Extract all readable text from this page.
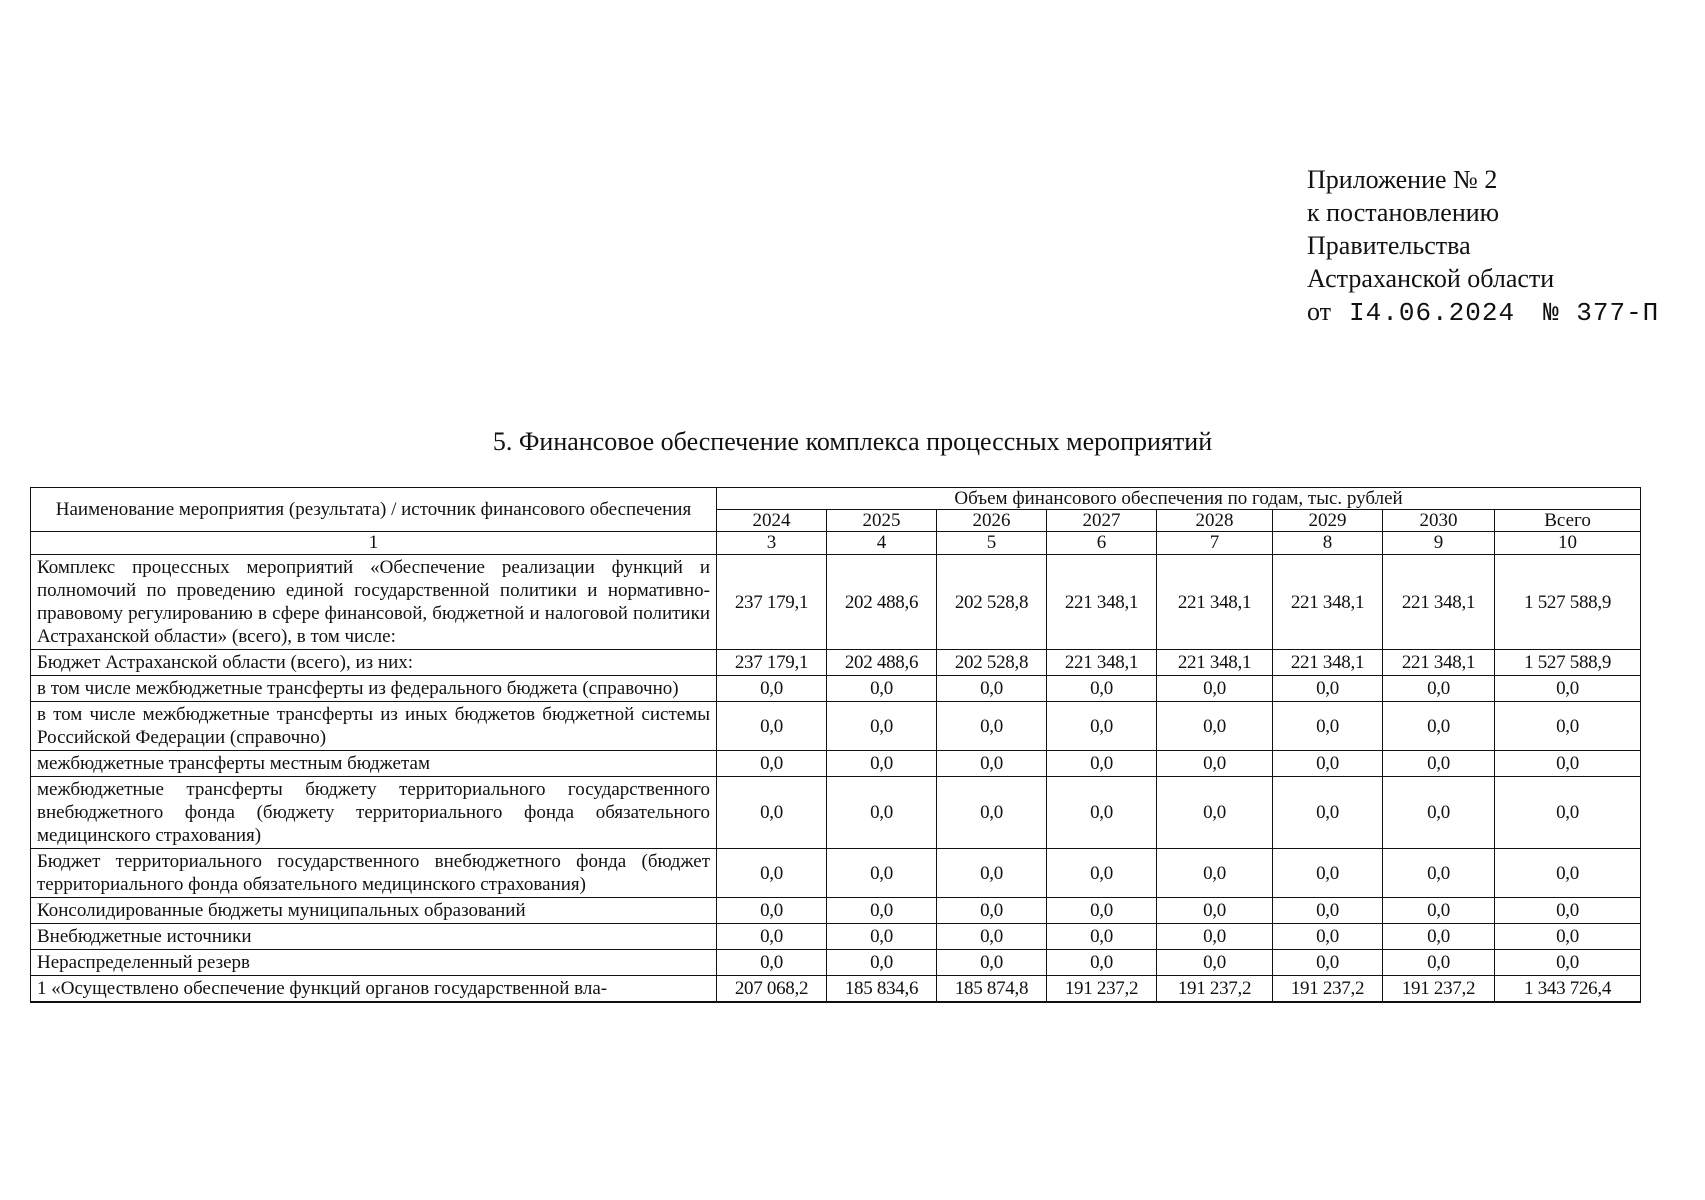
Приложение № 2
к постановлению
Правительства
Астраханской области
от I4.06.2024 № 377-П
5. Финансовое обеспечение комплекса процессных мероприятий
Наименование мероприятия (результата) / источник финансового обеспечения	Объем финансового обеспечения по годам, тыс. рублей							
	2024	2025	2026	2027	2028	2029	2030	Всего
1	3	4	5	6	7	8	9	10
Комплекс процессных мероприятий «Обеспечение реализации функций и полномочий по проведению единой государственной политики и нормативно-правовому регулированию в сфере финансовой, бюджетной и налоговой политики Астраханской области» (всего), в том числе:	237 179,1	202 488,6	202 528,8	221 348,1	221 348,1	221 348,1	221 348,1	1 527 588,9
Бюджет Астраханской области (всего), из них:	237 179,1	202 488,6	202 528,8	221 348,1	221 348,1	221 348,1	221 348,1	1 527 588,9
в том числе межбюджетные трансферты из федерального бюджета (справочно)	0,0	0,0	0,0	0,0	0,0	0,0	0,0	0,0
в том числе межбюджетные трансферты из иных бюджетов бюджетной системы Российской Федерации (справочно)	0,0	0,0	0,0	0,0	0,0	0,0	0,0	0,0
межбюджетные трансферты местным бюджетам	0,0	0,0	0,0	0,0	0,0	0,0	0,0	0,0
межбюджетные трансферты бюджету территориального государственного внебюджетного фонда (бюджету территориального фонда обязательного медицинского страхования)	0,0	0,0	0,0	0,0	0,0	0,0	0,0	0,0
Бюджет территориального государственного внебюджетного фонда (бюджет территориального фонда обязательного медицинского страхования)	0,0	0,0	0,0	0,0	0,0	0,0	0,0	0,0
Консолидированные бюджеты муниципальных образований	0,0	0,0	0,0	0,0	0,0	0,0	0,0	0,0
Внебюджетные источники	0,0	0,0	0,0	0,0	0,0	0,0	0,0	0,0
Нераспределенный резерв	0,0	0,0	0,0	0,0	0,0	0,0	0,0	0,0
1 «Осуществлено обеспечение функций органов государственной вла-	207 068,2	185 834,6	185 874,8	191 237,2	191 237,2	191 237,2	191 237,2	1 343 726,4
